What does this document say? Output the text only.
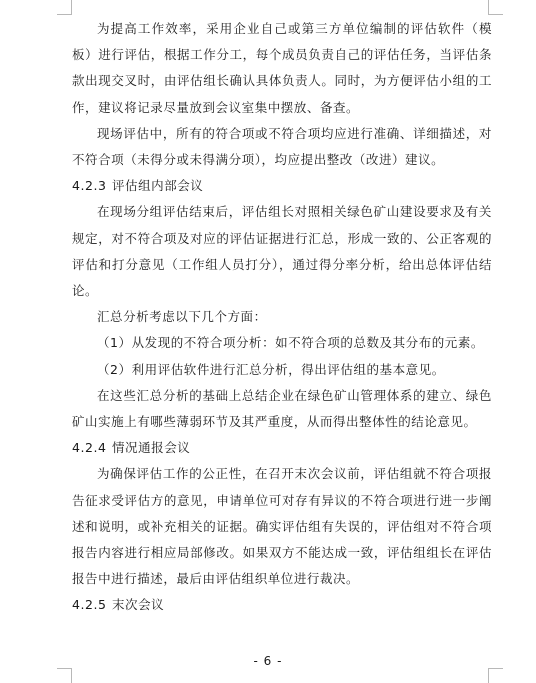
为提高工作效率，采用企业自己或第三方单位编制的评估软件（模板）进行评估，根据工作分工，每个成员负责自己的评估任务，当评估条款出现交叉时，由评估组长确认具体负责人。同时，为方便评估小组的工作，建议将记录尽量放到会议室集中摆放、备查。

现场评估中，所有的符合项或不符合项均应进行准确、详细描述，对不符合项（未得分或未得满分项），均应提出整改（改进）建议。

4.2.3 评估组内部会议

在现场分组评估结束后，评估组长对照相关绿色矿山建设要求及有关规定，对不符合项及对应的评估证据进行汇总，形成一致的、公正客观的评估和打分意见（工作组人员打分），通过得分率分析，给出总体评估结论。

汇总分析考虑以下几个方面：

（1）从发现的不符合项分析：如不符合项的总数及其分布的元素。

（2）利用评估软件进行汇总分析，得出评估组的基本意见。

在这些汇总分析的基础上总结企业在绿色矿山管理体系的建立、绿色矿山实施上有哪些薄弱环节及其严重度，从而得出整体性的结论意见。

4.2.4 情况通报会议

为确保评估工作的公正性，在召开末次会议前，评估组就不符合项报告征求受评估方的意见，申请单位可对存有异议的不符合项进行进一步阐述和说明，或补充相关的证据。确实评估组有失误的，评估组对不符合项报告内容进行相应局部修改。如果双方不能达成一致，评估组组长在评估报告中进行描述，最后由评估组织单位进行裁决。

4.2.5 末次会议

- 6 -
